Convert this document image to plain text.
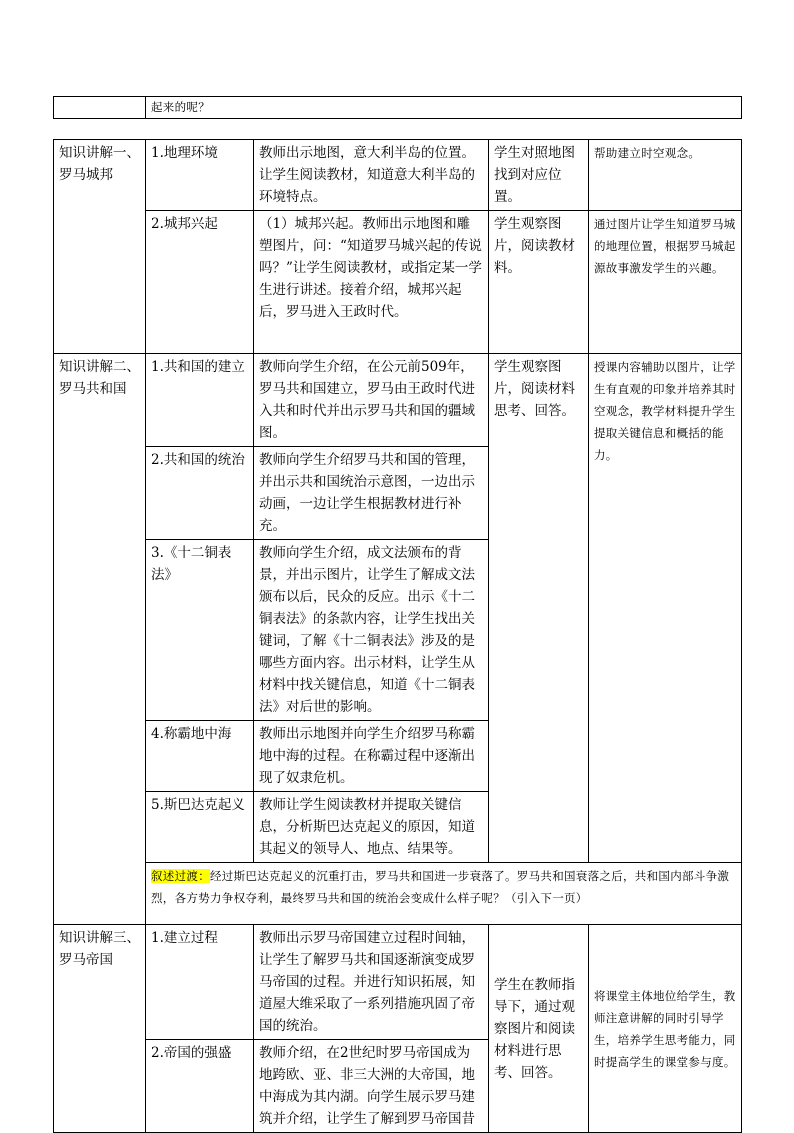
	起来的呢？
知识讲解一、罗马城邦	1.地理环境	教师出示地图，意大利半岛的位置。让学生阅读教材，知道意大利半岛的环境特点。	学生对照地图找到对应位置。	帮助建立时空观念。
	2.城邦兴起	（1）城邦兴起。教师出示地图和雕塑图片，问：“知道罗马城兴起的传说吗？”让学生阅读教材，或指定某一学生进行讲述。接着介绍，城邦兴起后，罗马进入王政时代。	学生观察图片，阅读教材料。	通过图片让学生知道罗马城的地理位置，根据罗马城起源故事激发学生的兴趣。
知识讲解二、罗马共和国	1.共和国的建立	教师向学生介绍，在公元前509年，罗马共和国建立，罗马由王政时代进入共和时代并出示罗马共和国的疆域图。	学生观察图片，阅读材料思考、回答。	授课内容辅助以图片，让学生有直观的印象并培养其时空观念，教学材料提升学生提取关键信息和概括的能力。
	2.共和国的统治	教师向学生介绍罗马共和国的管理，并出示共和国统治示意图，一边出示动画，一边让学生根据教材进行补充。		
	3.《十二铜表法》	教师向学生介绍，成文法颁布的背景，并出示图片，让学生了解成文法颁布以后，民众的反应。出示《十二铜表法》的条款内容，让学生找出关键词，了解《十二铜表法》涉及的是哪些方面内容。出示材料，让学生从材料中找关键信息，知道《十二铜表法》对后世的影响。		
	4.称霸地中海	教师出示地图并向学生介绍罗马称霸地中海的过程。在称霸过程中逐渐出现了奴隶危机。		
	5.斯巴达克起义	教师让学生阅读教材并提取关键信息，分析斯巴达克起义的原因，知道其起义的领导人、地点、结果等。		
	叙述过渡：经过斯巴达克起义的沉重打击，罗马共和国进一步衰落了。罗马共和国衰落之后，共和国内部斗争激烈，各方势力争权夺利，最终罗马共和国的统治会变成什么样子呢？（引入下一页）			
知识讲解三、罗马帝国	1.建立过程	教师出示罗马帝国建立过程时间轴，让学生了解罗马共和国逐渐演变成罗马帝国的过程。并进行知识拓展，知道屋大维采取了一系列措施巩固了帝国的统治。	学生在教师指导下，通过观察图片和阅读材料进行思考、回答。	将课堂主体地位给学生，教师注意讲解的同时引导学生，培养学生思考能力，同时提高学生的课堂参与度。
	2.帝国的强盛	教师介绍，在2世纪时罗马帝国成为地跨欧、亚、非三大洲的大帝国，地中海成为其内湖。向学生展示罗马建筑并介绍，让学生了解到罗马帝国昔		
